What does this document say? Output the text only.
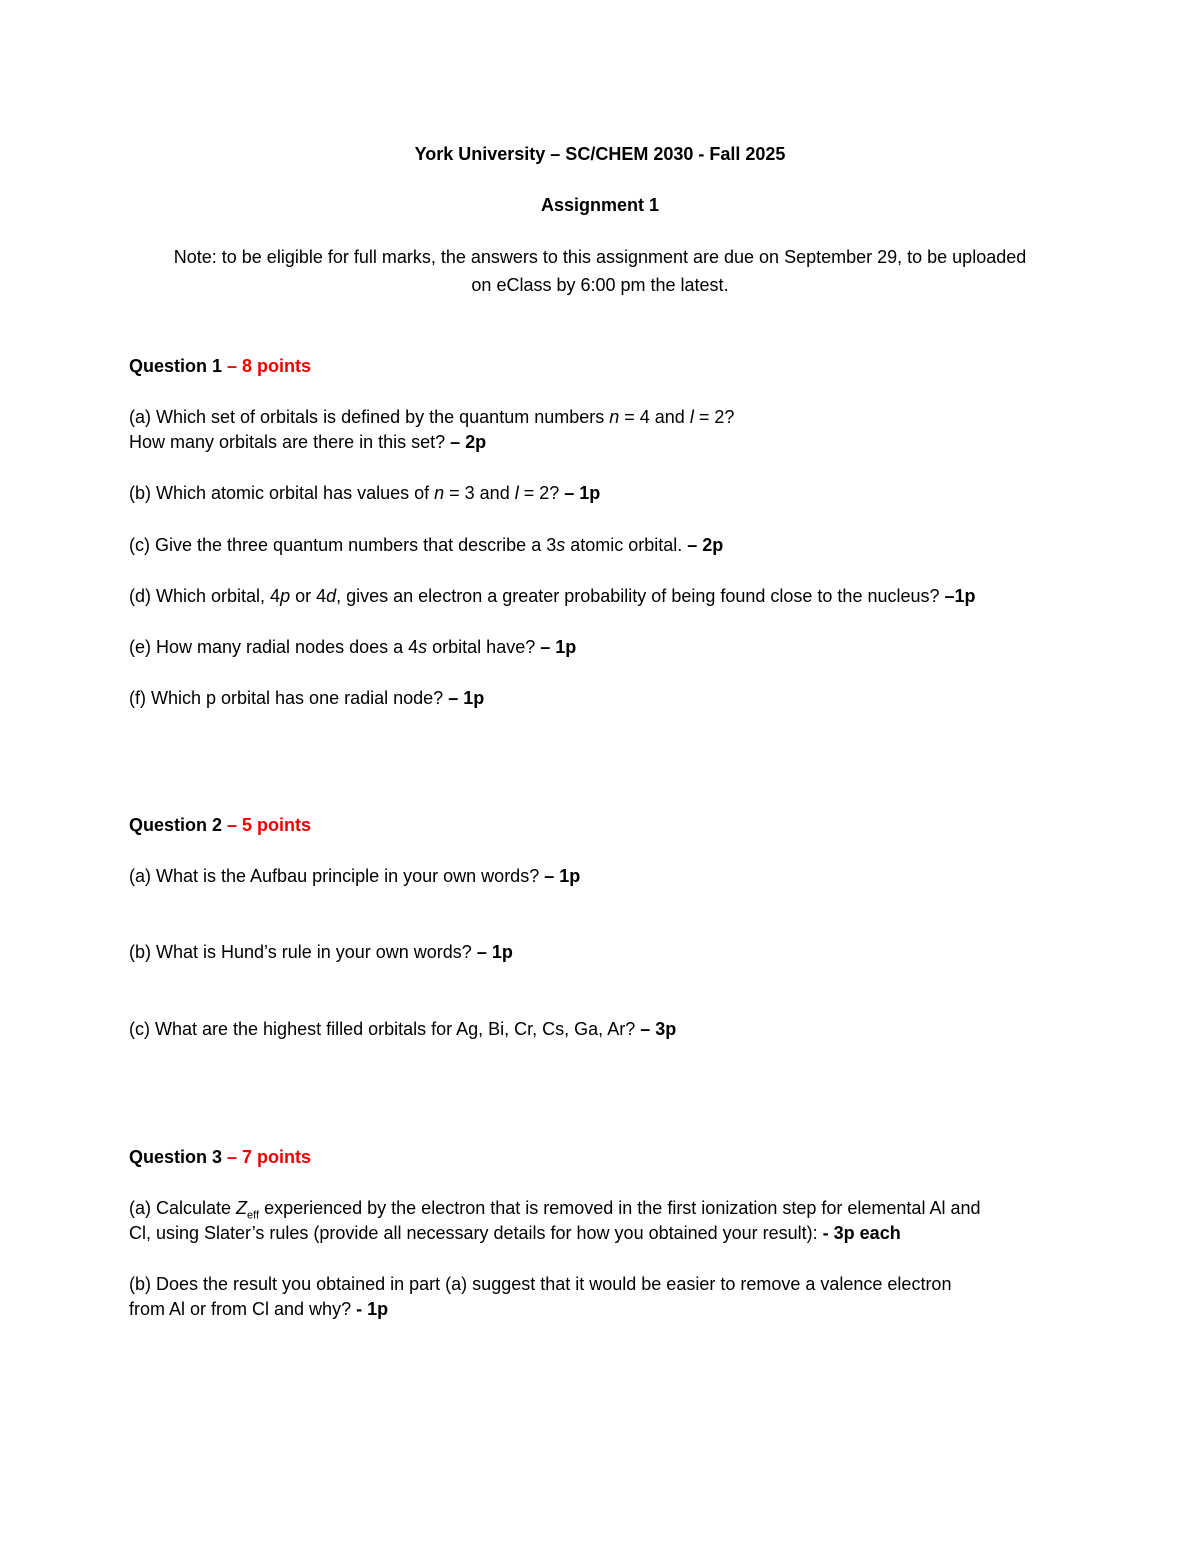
York University – SC/CHEM 2030 - Fall 2025
Assignment 1
Note: to be eligible for full marks, the answers to this assignment are due on September 29, to be uploaded
on eClass by 6:00 pm the latest.
Question 1 – 8 points
(a) Which set of orbitals is defined by the quantum numbers n = 4 and l = 2?
How many orbitals are there in this set? – 2p
(b) Which atomic orbital has values of n = 3 and l = 2? – 1p
(c) Give the three quantum numbers that describe a 3s atomic orbital. – 2p
(d) Which orbital, 4p or 4d, gives an electron a greater probability of being found close to the nucleus? –1p
(e) How many radial nodes does a 4s orbital have? – 1p
(f) Which p orbital has one radial node? – 1p
Question 2 – 5 points
(a) What is the Aufbau principle in your own words? – 1p
(b) What is Hund’s rule in your own words? – 1p
(c) What are the highest filled orbitals for Ag, Bi, Cr, Cs, Ga, Ar? – 3p
Question 3 – 7 points
(a) Calculate $Z_{eff}$ experienced by the electron that is removed in the first ionization step for elemental Al and
Cl, using Slater’s rules (provide all necessary details for how you obtained your result): - 3p each
(b) Does the result you obtained in part (a) suggest that it would be easier to remove a valence electron
from Al or from Cl and why? - 1p
